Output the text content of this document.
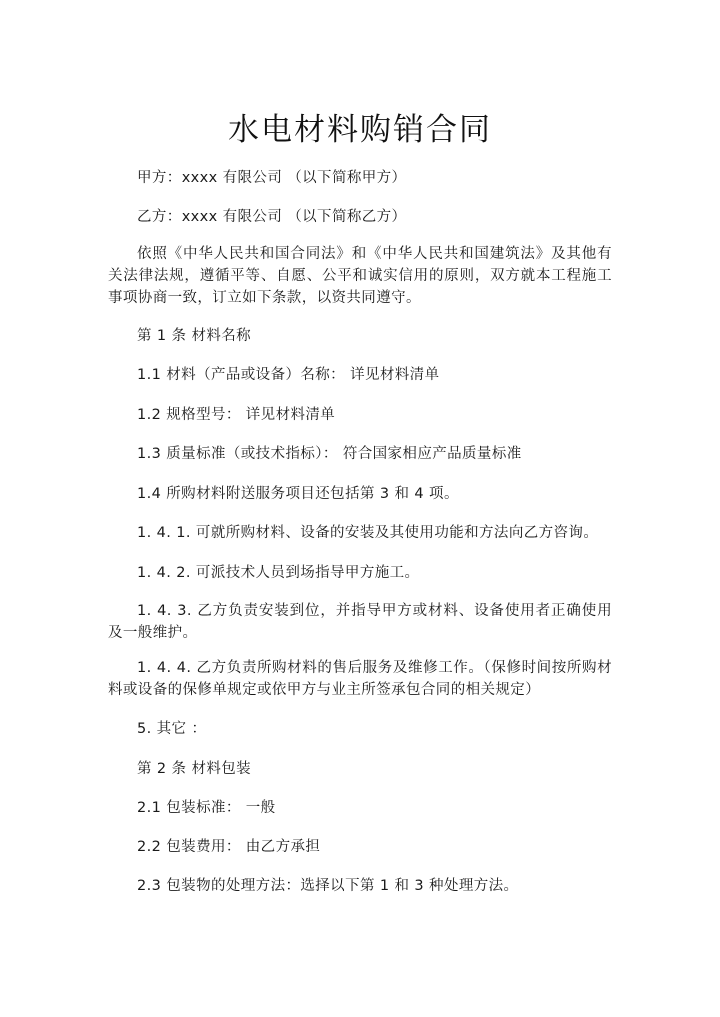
水电材料购销合同

甲方：xxxx 有限公司 （以下简称甲方）

乙方：xxxx 有限公司 （以下简称乙方）

依照《中华人民共和国合同法》和《中华人民共和国建筑法》及其他有关法律法规，遵循平等、自愿、公平和诚实信用的原则，双方就本工程施工事项协商一致，订立如下条款，以资共同遵守。

第 1 条 材料名称

1.1 材料（产品或设备）名称： 详见材料清单

1.2 规格型号： 详见材料清单

1.3 质量标准（或技术指标）： 符合国家相应产品质量标准

1.4 所购材料附送服务项目还包括第 3 和 4 项。

1. 4. 1. 可就所购材料、设备的安装及其使用功能和方法向乙方咨询。

1. 4. 2. 可派技术人员到场指导甲方施工。

1. 4. 3. 乙方负责安装到位，并指导甲方或材料、设备使用者正确使用及一般维护。

1. 4. 4. 乙方负责所购材料的售后服务及维修工作。（保修时间按所购材料或设备的保修单规定或依甲方与业主所签承包合同的相关规定）

5. 其它 ：

第 2 条 材料包装

2.1 包装标准： 一般

2.2 包装费用： 由乙方承担

2.3 包装物的处理方法：选择以下第 1 和 3 种处理方法。
